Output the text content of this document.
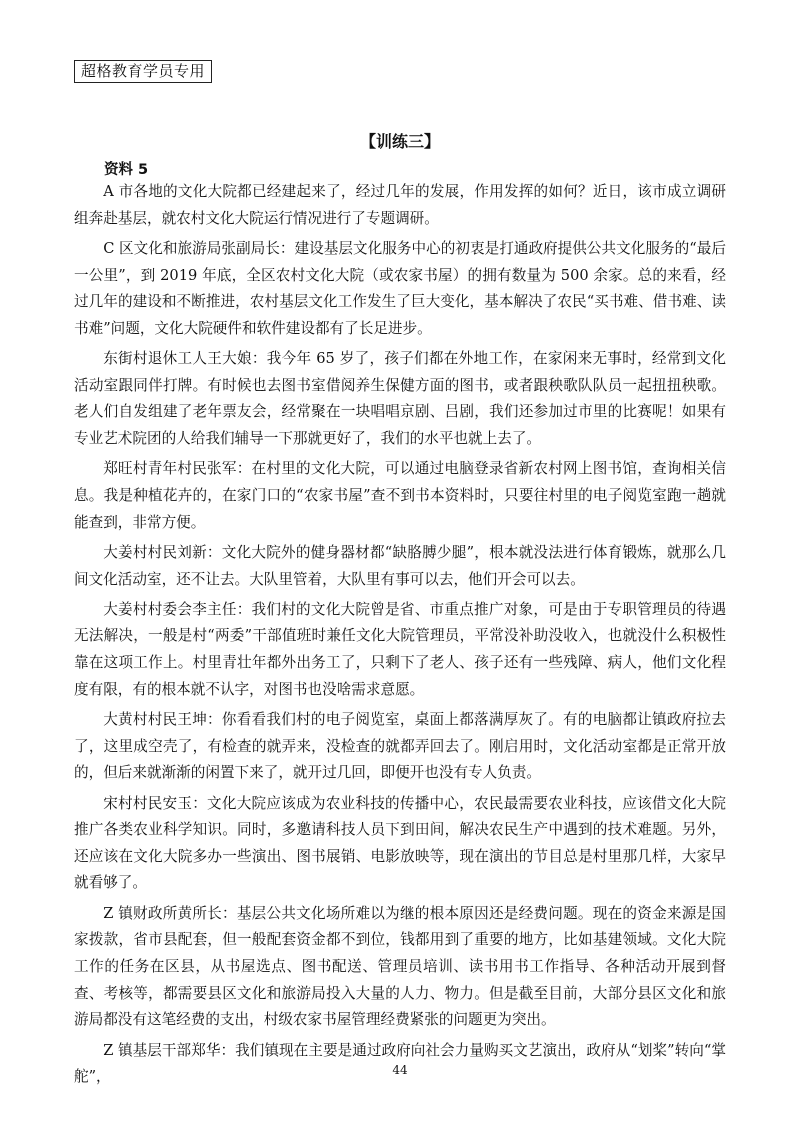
超格教育学员专用
【训练三】
资料 5

A 市各地的文化大院都已经建起来了，经过几年的发展，作用发挥的如何？近日，该市成立调研组奔赴基层，就农村文化大院运行情况进行了专题调研。

C 区文化和旅游局张副局长：建设基层文化服务中心的初衷是打通政府提供公共文化服务的“最后一公里”，到 2019 年底，全区农村文化大院（或农家书屋）的拥有数量为 500 余家。总的来看，经过几年的建设和不断推进，农村基层文化工作发生了巨大变化，基本解决了农民“买书难、借书难、读书难”问题，文化大院硬件和软件建设都有了长足进步。

东街村退休工人王大娘：我今年 65 岁了，孩子们都在外地工作，在家闲来无事时，经常到文化活动室跟同伴打牌。有时候也去图书室借阅养生保健方面的图书，或者跟秧歌队队员一起扭扭秧歌。老人们自发组建了老年票友会，经常聚在一块唱唱京剧、吕剧，我们还参加过市里的比赛呢！如果有专业艺术院团的人给我们辅导一下那就更好了，我们的水平也就上去了。

郑旺村青年村民张军：在村里的文化大院，可以通过电脑登录省新农村网上图书馆，查询相关信息。我是种植花卉的，在家门口的“农家书屋”查不到书本资料时，只要往村里的电子阅览室跑一趟就能查到，非常方便。

大姜村村民刘新：文化大院外的健身器材都“缺胳膊少腿”，根本就没法进行体育锻炼，就那么几间文化活动室，还不让去。大队里管着，大队里有事可以去，他们开会可以去。

大姜村村委会李主任：我们村的文化大院曾是省、市重点推广对象，可是由于专职管理员的待遇无法解决，一般是村“两委”干部值班时兼任文化大院管理员，平常没补助没收入，也就没什么积极性靠在这项工作上。村里青壮年都外出务工了，只剩下了老人、孩子还有一些残障、病人，他们文化程度有限，有的根本就不认字，对图书也没啥需求意愿。

大黄村村民王坤：你看看我们村的电子阅览室，桌面上都落满厚灰了。有的电脑都让镇政府拉去了，这里成空壳了，有检查的就弄来，没检查的就都弄回去了。刚启用时，文化活动室都是正常开放的，但后来就渐渐的闲置下来了，就开过几回，即便开也没有专人负责。

宋村村民安玉：文化大院应该成为农业科技的传播中心，农民最需要农业科技，应该借文化大院推广各类农业科学知识。同时，多邀请科技人员下到田间，解决农民生产中遇到的技术难题。另外，还应该在文化大院多办一些演出、图书展销、电影放映等，现在演出的节目总是村里那几样，大家早就看够了。

Z 镇财政所黄所长：基层公共文化场所难以为继的根本原因还是经费问题。现在的资金来源是国家拨款，省市县配套，但一般配套资金都不到位，钱都用到了重要的地方，比如基建领域。文化大院工作的任务在区县，从书屋选点、图书配送、管理员培训、读书用书工作指导、各种活动开展到督查、考核等，都需要县区文化和旅游局投入大量的人力、物力。但是截至目前，大部分县区文化和旅游局都没有这笔经费的支出，村级农家书屋管理经费紧张的问题更为突出。

Z 镇基层干部郑华：我们镇现在主要是通过政府向社会力量购买文艺演出，政府从“划桨”转向“掌舵”，	44
